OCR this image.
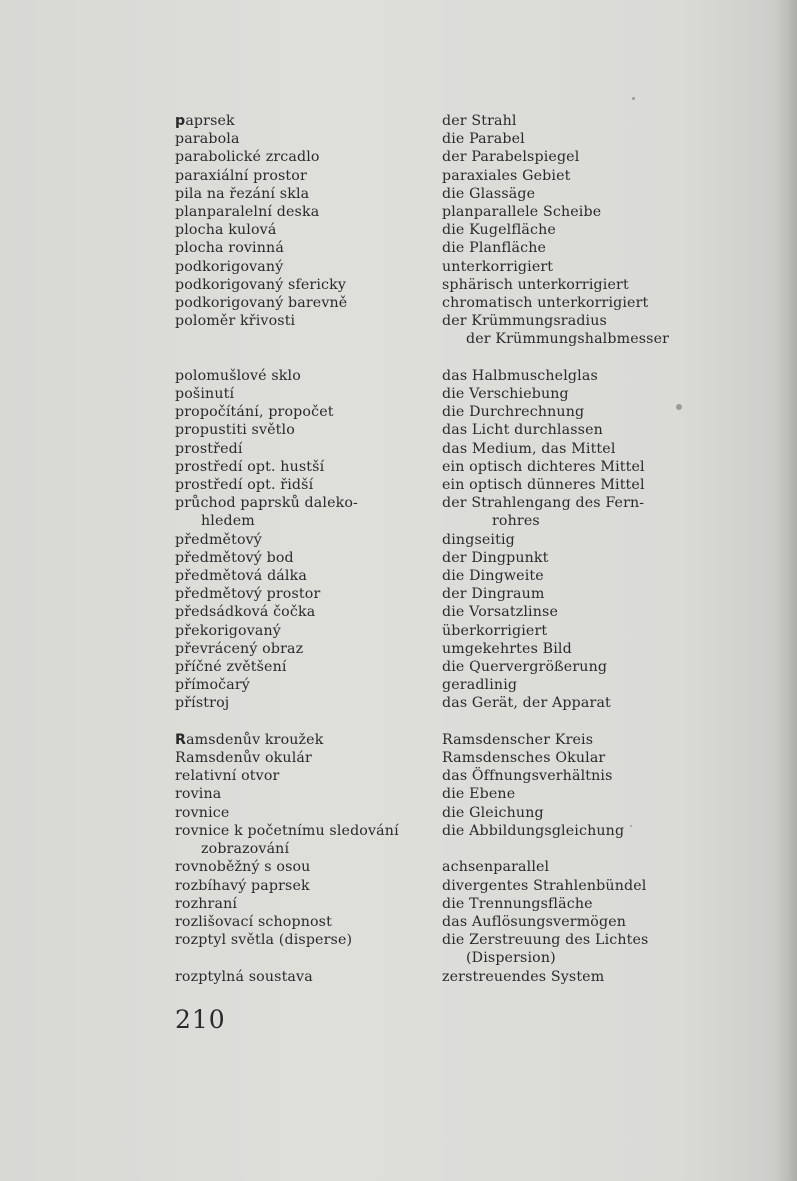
paprsek	der Strahl
parabola	die Parabel
parabolické zrcadlo	der Parabelspiegel
paraxiální prostor	paraxiales Gebiet
pila na řezání skla	die Glassäge
planparalelní deska	planparallele Scheibe
plocha kulová	die Kugelfläche
plocha rovinná	die Planfläche
podkorigovaný	unterkorrigiert
podkorigovaný sfericky	sphärisch unterkorrigiert
podkorigovaný barevně	chromatisch unterkorrigiert
poloměr křivosti	der Krümmungsradius
der Krümmungshalbmesser
polomušlové sklo	das Halbmuschelglas
pošinutí	die Verschiebung
propočítání, propočet	die Durchrechnung
propustiti světlo	das Licht durchlassen
prostředí	das Medium, das Mittel
prostředí opt. hustší	ein optisch dichteres Mittel
prostředí opt. řidší	ein optisch dünneres Mittel
průchod paprsků daleko-	der Strahlengang des Fern-
hledem	rohres
předmětový	dingseitig
předmětový bod	der Dingpunkt
předmětová dálka	die Dingweite
předmětový prostor	der Dingraum
předsádková čočka	die Vorsatzlinse
překorigovaný	überkorrigiert
převrácený obraz	umgekehrtes Bild
příčné zvětšení	die Quervergrößerung
přímočarý	geradlinig
přístroj	das Gerät, der Apparat
Ramsdenův kroužek	Ramsdenscher Kreis
Ramsdenův okulár	Ramsdensches Okular
relativní otvor	das Öffnungsverhältnis
rovina	die Ebene
rovnice	die Gleichung
rovnice k početnímu sledování	die Abbildungsgleichung
zobrazování
rovnoběžný s osou	achsenparallel
rozbíhavý paprsek	divergentes Strahlenbündel
rozhraní	die Trennungsfläche
rozlišovací schopnost	das Auflösungsvermögen
rozptyl světla (disperse)	die Zerstreuung des Lichtes
(Dispersion)
rozptylná soustava	zerstreuendes System
210
